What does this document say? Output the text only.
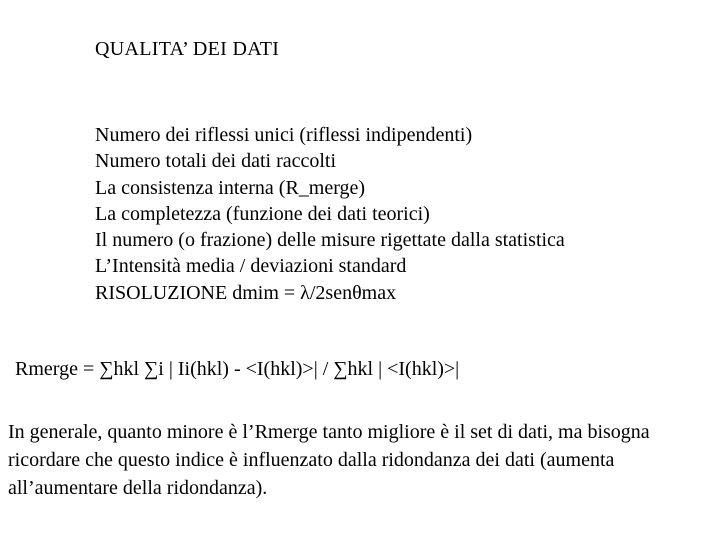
QUALITA’ DEI DATI
Numero dei riflessi unici (riflessi indipendenti)
Numero totali dei dati raccolti
La consistenza interna (R_merge)
La completezza (funzione dei dati teorici)
Il numero (o frazione) delle misure rigettate dalla statistica
L’Intensità media / deviazioni standard
RISOLUZIONE dmim = λ/2senθmax
Rmerge = ∑hkl ∑i | Ii(hkl) - <I(hkl)>| / ∑hkl | <I(hkl)>|
In generale, quanto minore è l’Rmerge tanto migliore è il set di dati, ma bisogna ricordare che questo indice è influenzato dalla ridondanza dei dati (aumenta all’aumentare della ridondanza).
